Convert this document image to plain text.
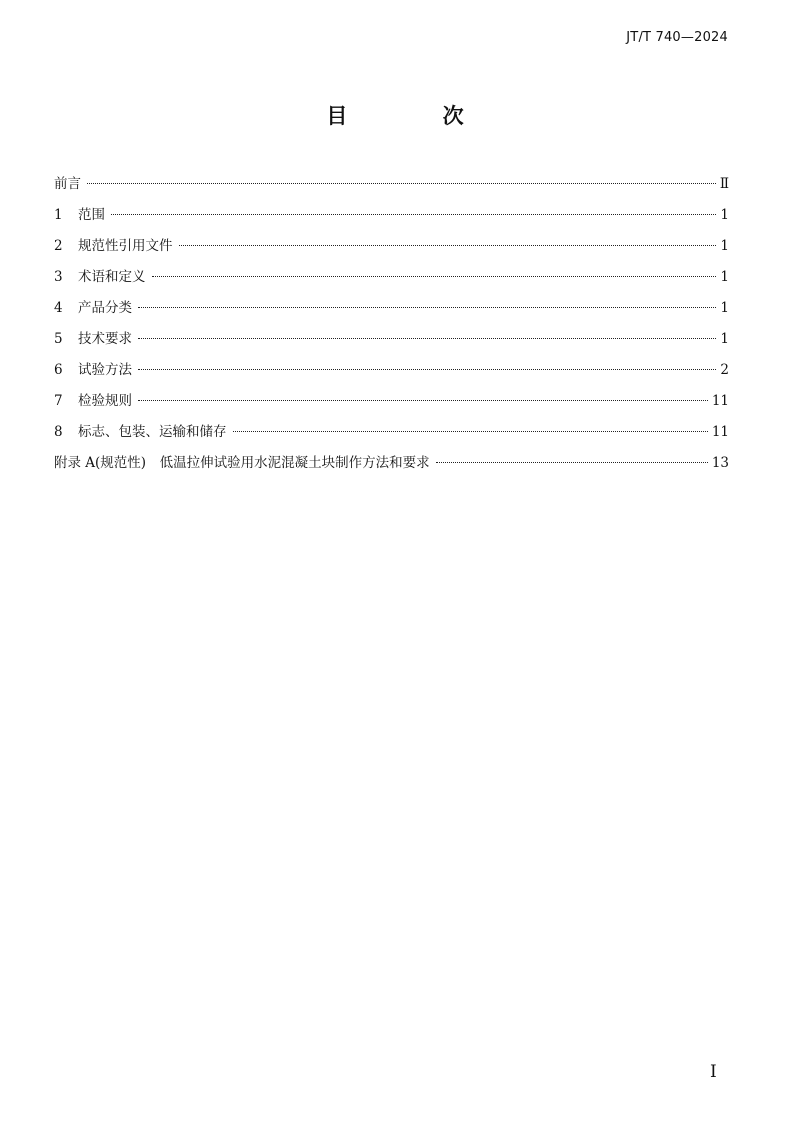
JT/T 740—2024
目 次
前言	Ⅱ
1	范围	1
2	规范性引用文件	1
3	术语和定义	1
4	产品分类	1
5	技术要求	1
6	试验方法	2
7	检验规则	11
8	标志、包装、运输和储存	11
附录 A(规范性)　低温拉伸试验用水泥混凝土块制作方法和要求	13
I
